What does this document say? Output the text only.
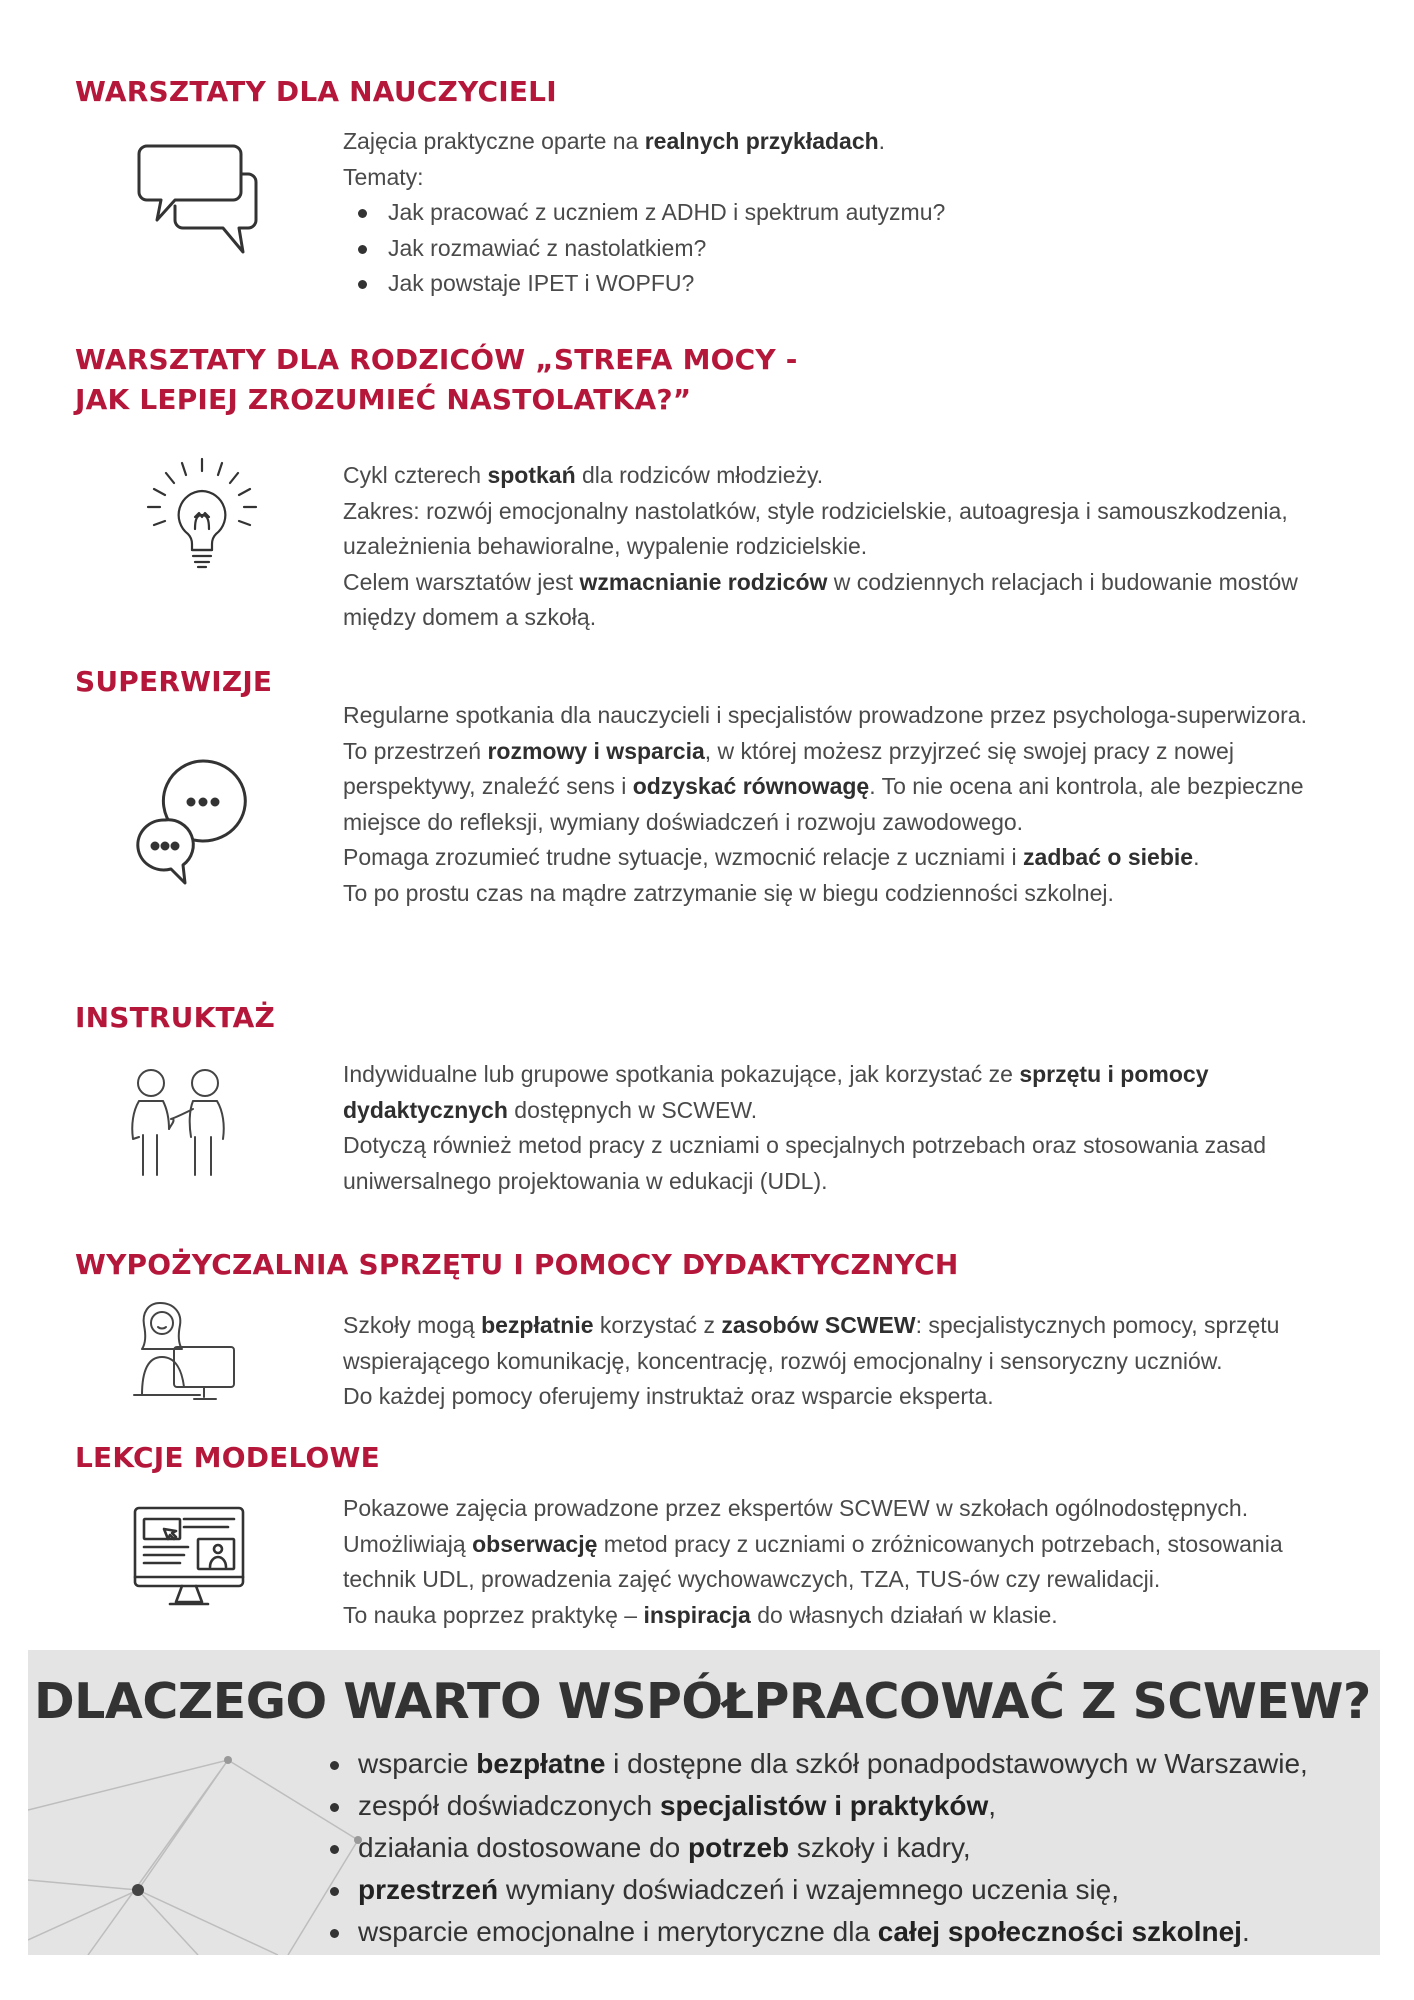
WARSZTATY DLA NAUCZYCIELI

Zajęcia praktyczne oparte na realnych przykładach.

Tematy:

Jak pracować z uczniem z ADHD i spektrum autyzmu?
Jak rozmawiać z nastolatkiem?
Jak powstaje IPET i WOPFU?
WARSZTATY DLA RODZICÓW „STREFA MOCY -
JAK LEPIEJ ZROZUMIEĆ NASTOLATKA?”

Cykl czterech spotkań dla rodziców młodzieży.

Zakres: rozwój emocjonalny nastolatków, style rodzicielskie, autoagresja i samouszkodzenia, uzależnienia behawioralne, wypalenie rodzicielskie.

Celem warsztatów jest wzmacnianie rodziców w codziennych relacjach i budowanie mostów między domem a szkołą.

SUPERWIZJE

Regularne spotkania dla nauczycieli i specjalistów prowadzone przez psychologa-superwizora.

To przestrzeń rozmowy i wsparcia, w której możesz przyjrzeć się swojej pracy z nowej perspektywy, znaleźć sens i odzyskać równowagę. To nie ocena ani kontrola, ale bezpieczne miejsce do refleksji, wymiany doświadczeń i rozwoju zawodowego.

Pomaga zrozumieć trudne sytuacje, wzmocnić relacje z uczniami i zadbać o siebie.

To po prostu czas na mądre zatrzymanie się w biegu codzienności szkolnej.

INSTRUKTAŻ

Indywidualne lub grupowe spotkania pokazujące, jak korzystać ze sprzętu i pomocy dydaktycznych dostępnych w SCWEW.

Dotyczą również metod pracy z uczniami o specjalnych potrzebach oraz stosowania zasad uniwersalnego projektowania w edukacji (UDL).

WYPOŻYCZALNIA SPRZĘTU I POMOCY DYDAKTYCZNYCH

Szkoły mogą bezpłatnie korzystać z zasobów SCWEW: specjalistycznych pomocy, sprzętu wspierającego komunikację, koncentrację, rozwój emocjonalny i sensoryczny uczniów.

Do każdej pomocy oferujemy instruktaż oraz wsparcie eksperta.

LEKCJE MODELOWE

Pokazowe zajęcia prowadzone przez ekspertów SCWEW w szkołach ogólnodostępnych.

Umożliwiają obserwację metod pracy z uczniami o zróżnicowanych potrzebach, stosowania technik UDL, prowadzenia zajęć wychowawczych, TZA, TUS-ów czy rewalidacji.

To nauka poprzez praktykę – inspiracja do własnych działań w klasie.

DLACZEGO WARTO WSPÓŁPRACOWAĆ Z SCWEW?
wsparcie bezpłatne i dostępne dla szkół ponadpodstawowych w Warszawie,
zespół doświadczonych specjalistów i praktyków,
działania dostosowane do potrzeb szkoły i kadry,
przestrzeń wymiany doświadczeń i wzajemnego uczenia się,
wsparcie emocjonalne i merytoryczne dla całej społeczności szkolnej.
